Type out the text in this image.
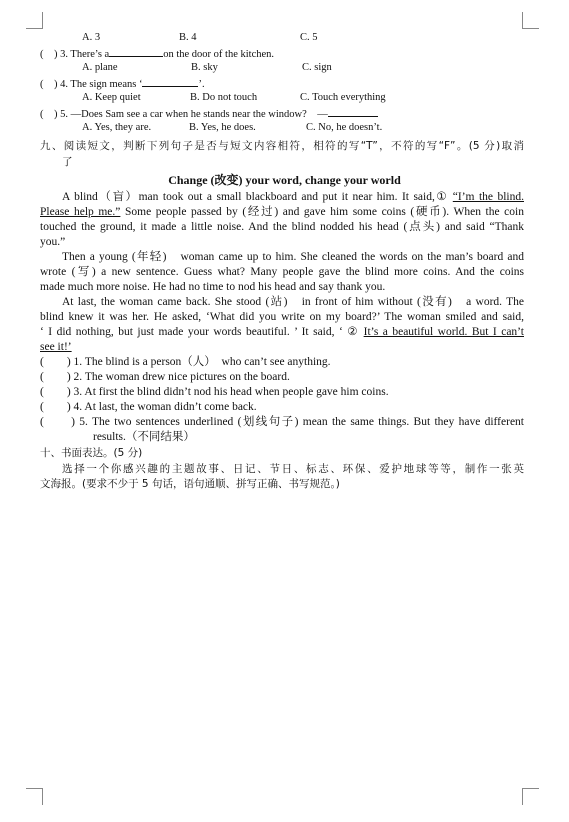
A. 3	B. 4	C. 5
(　) 3. There’s a	on the door of the kitchen.
A. plane	B. sky	C. sign
(　) 4. The sign means ‘	’.
A. Keep quiet	B. Do not touch	C. Touch everything
(　) 5. —Does Sam see a car when he stands near the window?　—
A. Yes, they are.	B. Yes, he does.	C. No, he doesn’t.
九、阅读短文，判断下列句子是否与短文内容相符，相符的写“T”，不符的写“F”。(5 分)取消
了
Change (改变) your word, change your world
A blind（盲）man took out a small blackboard and put it near him. It said,① “I’m the blind.
Please help me.” Some people passed by (经过) and gave him some coins (硬币). When the coin
touched the ground, it made a little noise. And the blind nodded his head (点头) and said “Thank
you.”
Then a young (年轻)　woman came up to him. She cleaned the words on the man’s board and
wrote (写) a new sentence. Guess what? Many people gave the blind more coins. And the coins
made much more noise. He had no time to nod his head and say thank you.
At last, the woman came back. She stood (站)　in front of him without (没有)　a word. The
blind knew it was her. He asked, ‘What did you write on my board?’ The woman smiled and said,
‘ I did nothing, but just made your words beautiful. ’ It said, ‘ ② It’s a beautiful world. But I can’t
see it!’
(　　) 1. The blind is a person（人）　who can’t see anything.
(　　) 2. The woman drew nice pictures on the board.
(　　) 3. At first the blind didn’t nod his head when people gave him coins.
(　　) 4. At last, the woman didn’t come back.
(　　) 5. The two sentences underlined (划线句子) mean the same things. But they have different
results.（不同结果）
十、书面表达。(5 分)
选择一个你感兴趣的主题故事、日记、节日、标志、环保、爱护地球等等，制作一张英
文海报。(要求不少于 5 句话，语句通顺、拼写正确、书写规范。)
